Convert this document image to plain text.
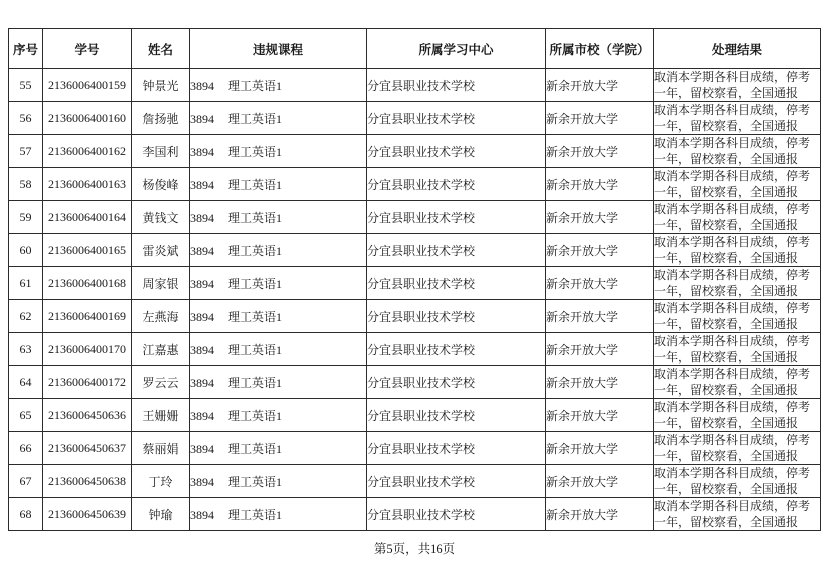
序号	学号	姓名	违规课程	所属学习中心	所属市校（学院）	处理结果
55	2136006400159	钟景光	3894 理工英语1	分宜县职业技术学校	新余开放大学	取消本学期各科目成绩，停考一年，留校察看，全国通报
56	2136006400160	詹扬驰	3894 理工英语1	分宜县职业技术学校	新余开放大学	取消本学期各科目成绩，停考一年，留校察看，全国通报
57	2136006400162	李国利	3894 理工英语1	分宜县职业技术学校	新余开放大学	取消本学期各科目成绩，停考一年，留校察看，全国通报
58	2136006400163	杨俊峰	3894 理工英语1	分宜县职业技术学校	新余开放大学	取消本学期各科目成绩，停考一年，留校察看，全国通报
59	2136006400164	黄钱文	3894 理工英语1	分宜县职业技术学校	新余开放大学	取消本学期各科目成绩，停考一年，留校察看，全国通报
60	2136006400165	雷炎斌	3894 理工英语1	分宜县职业技术学校	新余开放大学	取消本学期各科目成绩，停考一年，留校察看，全国通报
61	2136006400168	周家银	3894 理工英语1	分宜县职业技术学校	新余开放大学	取消本学期各科目成绩，停考一年，留校察看，全国通报
62	2136006400169	左燕海	3894 理工英语1	分宜县职业技术学校	新余开放大学	取消本学期各科目成绩，停考一年，留校察看，全国通报
63	2136006400170	江嘉惠	3894 理工英语1	分宜县职业技术学校	新余开放大学	取消本学期各科目成绩，停考一年，留校察看，全国通报
64	2136006400172	罗云云	3894 理工英语1	分宜县职业技术学校	新余开放大学	取消本学期各科目成绩，停考一年，留校察看，全国通报
65	2136006450636	王姗姗	3894 理工英语1	分宜县职业技术学校	新余开放大学	取消本学期各科目成绩，停考一年，留校察看，全国通报
66	2136006450637	蔡丽娟	3894 理工英语1	分宜县职业技术学校	新余开放大学	取消本学期各科目成绩，停考一年，留校察看，全国通报
67	2136006450638	丁玲	3894 理工英语1	分宜县职业技术学校	新余开放大学	取消本学期各科目成绩，停考一年，留校察看，全国通报
68	2136006450639	钟瑜	3894 理工英语1	分宜县职业技术学校	新余开放大学	取消本学期各科目成绩，停考一年，留校察看，全国通报
第5页，共16页
